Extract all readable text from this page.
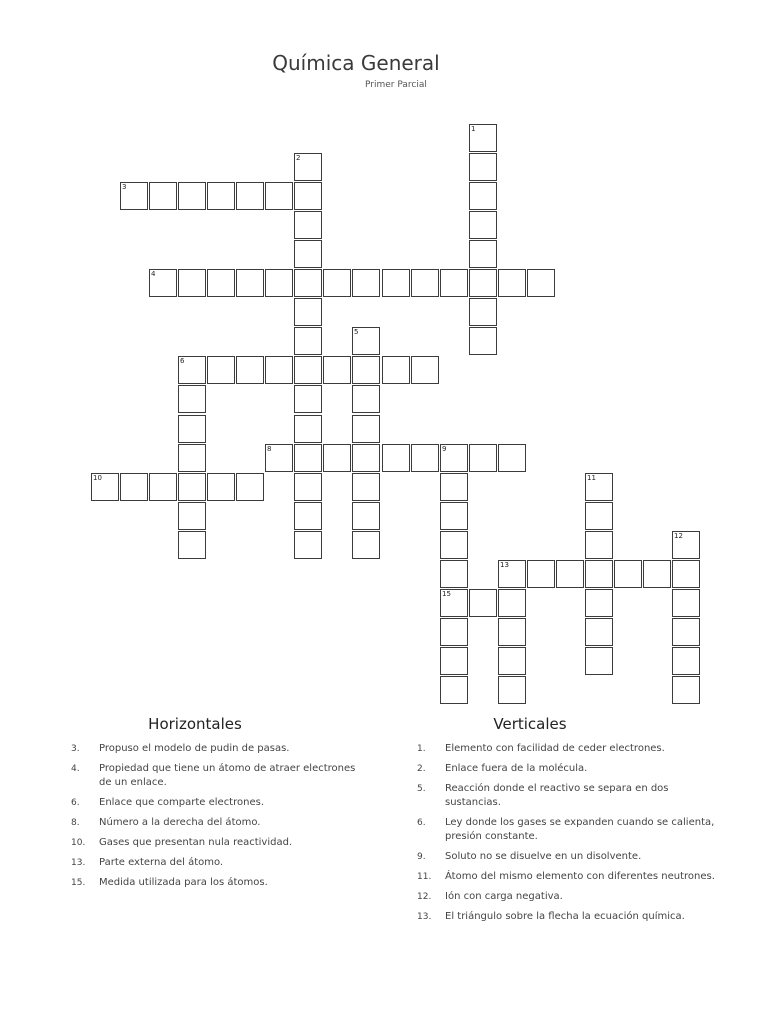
Química General
Primer Parcial
1
2
3
4
5
6
8	9
15
10	11
12
13
Horizontales	Verticales
3.	Propuso el modelo de pudin de pasas.
4.	Propiedad que tiene un átomo de atraer electrones de un enlace.
6.	Enlace que comparte electrones.
8.	Número a la derecha del átomo.
10.	Gases que presentan nula reactividad.
13.	Parte externa del átomo.
15.	Medida utilizada para los átomos.
1.	Elemento con facilidad de ceder electrones.
2.	Enlace fuera de la molécula.
5.	Reacción donde el reactivo se separa en dos sustancias.
6.	Ley donde los gases se expanden cuando se calienta, presión constante.
9.	Soluto no se disuelve en un disolvente.
11.	Átomo del mismo elemento con diferentes neutrones.
12.	Ión con carga negativa.
13.	El triángulo sobre la flecha la ecuación química.
